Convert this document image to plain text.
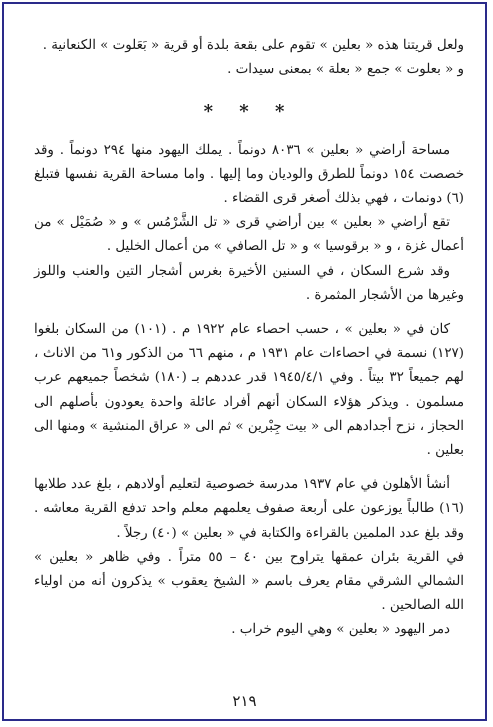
ولعل قريتنا هذه « بعلين » تقوم على بقعة بلدة أو قرية « بَعَلوت » الكنعانية .

و « بعلوت » جمع « بعلة » بمعنى سيدات .

* * *

مساحة أراضي « بعلين » ٨٠٣٦ دونماً . يملك اليهود منها ٢٩٤ دونماً . وقد خصصت ١٥٤ دونماً للطرق والوديان وما إليها . واما مساحة القرية نفسها فتبلغ (٦) دونمات ، فهي بذلك أصغر قرى القضاء .

تقع أراضي « بعلين » بين أراضي قرى « تل الشَّرْمُس » و « صُمَيْل » من أعمال غزة ، و « برقوسيا » و « تل الصافي » من أعمال الخليل .

وقد شرع السكان ، في السنين الأخيرة بغرس أشجار التين والعنب واللوز وغيرها من الأشجار المثمرة .

كان في « بعلين » ، حسب احصاء عام ١٩٢٢ م . (١٠١) من السكان بلغوا (١٢٧) نسمة في احصاءات عام ١٩٣١ م ، منهم ٦٦ من الذكور و٦١ من الاناث ، لهم جميعاً ٣٢ بيتاً . وفي ١٩٤٥/٤/١ قدر عددهم بـ (١٨٠) شخصاً جميعهم عرب مسلمون . ويذكر هؤلاء السكان أنهم أفراد عائلة واحدة يعودون بأصلهم الى الحجاز ، نزح أجدادهم الى « بيت جِبْرين » ثم الى « عراق المنشية » ومنها الى بعلين .

أنشأ الأهلون في عام ١٩٣٧ مدرسة خصوصية لتعليم أولادهم ، بلغ عدد طلابها (١٦) طالباً يوزعون على أربعة صفوف يعلمهم معلم واحد تدفع القرية معاشه . وقد بلغ عدد الملمين بالقراءة والكتابة في « بعلين » (٤٠) رجلاً .

في القرية بئران عمقها يتراوح بين ٤٠ – ٥٥ متراً . وفي ظاهر « بعلين » الشمالي الشرقي مقام يعرف باسم « الشيخ يعقوب » يذكرون أنه من اولياء الله الصالحين .

دمر اليهود « بعلين » وهي اليوم خراب .

٢١٩
